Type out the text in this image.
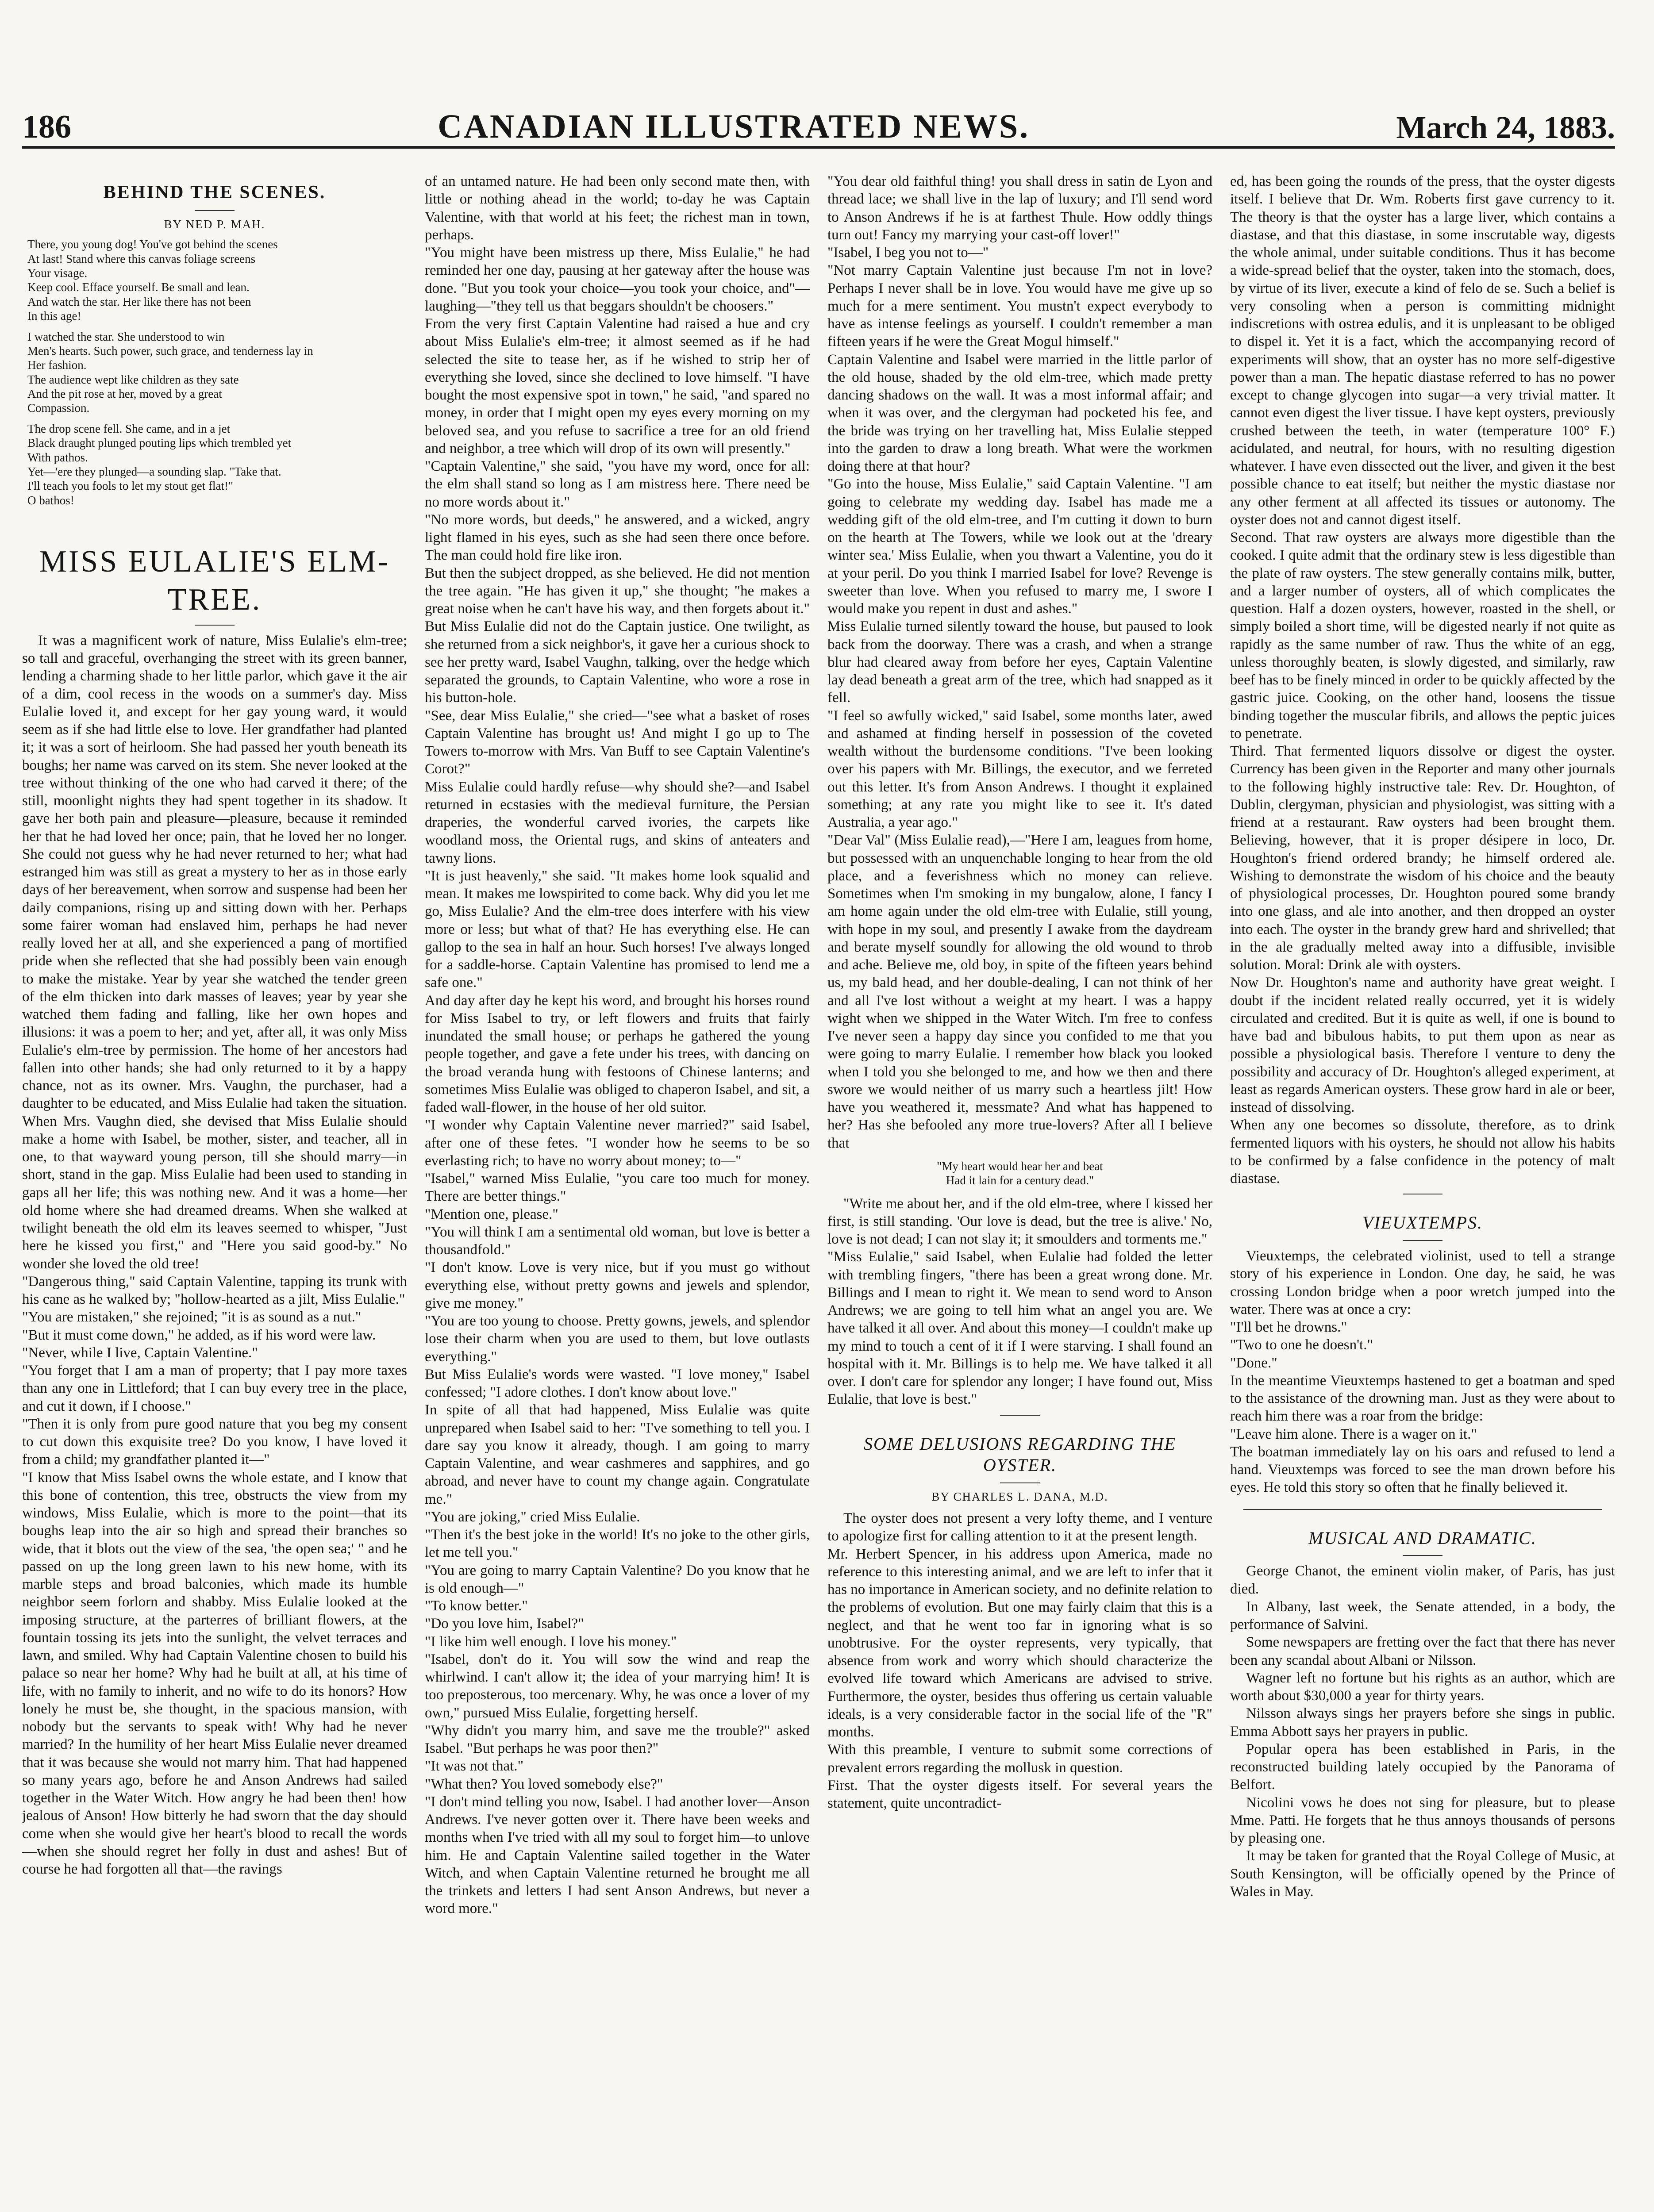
186	CANADIAN ILLUSTRATED NEWS.	March 24, 1883.
BEHIND THE SCENES.
BY NED P. MAH.
There, you young dog! You've got behind the scenes
At last! Stand where this canvas foliage screens
Your visage.
Keep cool. Efface yourself. Be small and lean.
And watch the star. Her like there has not been
In this age!
I watched the star. She understood to win
Men's hearts. Such power, such grace, and tenderness lay in
Her fashion.
The audience wept like children as they sate
And the pit rose at her, moved by a great
Compassion.
The drop scene fell. She came, and in a jet
Black draught plunged pouting lips which trembled yet
With pathos.
Yet—'ere they plunged—a sounding slap. "Take that.
I'll teach you fools to let my stout get flat!"
O bathos!
MISS EULALIE'S ELM-TREE.
It was a magnificent work of nature, Miss Eulalie's elm-tree; so tall and graceful, overhanging the street with its green banner, lending a charming shade to her little parlor, which gave it the air of a dim, cool recess in the woods on a summer's day. Miss Eulalie loved it, and except for her gay young ward, it would seem as if she had little else to love. Her grandfather had planted it; it was a sort of heirloom. She had passed her youth beneath its boughs; her name was carved on its stem. She never looked at the tree without thinking of the one who had carved it there; of the still, moonlight nights they had spent together in its shadow. It gave her both pain and pleasure—pleasure, because it reminded her that he had loved her once; pain, that he loved her no longer. She could not guess why he had never returned to her; what had estranged him was still as great a mystery to her as in those early days of her bereavement, when sorrow and suspense had been her daily companions, rising up and sitting down with her. Perhaps some fairer woman had enslaved him, perhaps he had never really loved her at all, and she experienced a pang of mortified pride when she reflected that she had possibly been vain enough to make the mistake. Year by year she watched the tender green of the elm thicken into dark masses of leaves; year by year she watched them fading and falling, like her own hopes and illusions: it was a poem to her; and yet, after all, it was only Miss Eulalie's elm-tree by permission. The home of her ancestors had fallen into other hands; she had only returned to it by a happy chance, not as its owner. Mrs. Vaughn, the purchaser, had a daughter to be educated, and Miss Eulalie had taken the situation. When Mrs. Vaughn died, she devised that Miss Eulalie should make a home with Isabel, be mother, sister, and teacher, all in one, to that wayward young person, till she should marry—in short, stand in the gap. Miss Eulalie had been used to standing in gaps all her life; this was nothing new. And it was a home—her old home where she had dreamed dreams. When she walked at twilight beneath the old elm its leaves seemed to whisper, "Just here he kissed you first," and "Here you said good-by." No wonder she loved the old tree!
"Dangerous thing," said Captain Valentine, tapping its trunk with his cane as he walked by; "hollow-hearted as a jilt, Miss Eulalie."
"You are mistaken," she rejoined; "it is as sound as a nut."
"But it must come down," he added, as if his word were law.
"Never, while I live, Captain Valentine."
"You forget that I am a man of property; that I pay more taxes than any one in Littleford; that I can buy every tree in the place, and cut it down, if I choose."
"Then it is only from pure good nature that you beg my consent to cut down this exquisite tree? Do you know, I have loved it from a child; my grandfather planted it—"
"I know that Miss Isabel owns the whole estate, and I know that this bone of contention, this tree, obstructs the view from my windows, Miss Eulalie, which is more to the point—that its boughs leap into the air so high and spread their branches so wide, that it blots out the view of the sea, 'the open sea;' " and he passed on up the long green lawn to his new home, with its marble steps and broad balconies, which made its humble neighbor seem forlorn and shabby. Miss Eulalie looked at the imposing structure, at the parterres of brilliant flowers, at the fountain tossing its jets into the sunlight, the velvet terraces and lawn, and smiled. Why had Captain Valentine chosen to build his palace so near her home? Why had he built at all, at his time of life, with no family to inherit, and no wife to do its honors? How lonely he must be, she thought, in the spacious mansion, with nobody but the servants to speak with! Why had he never married? In the humility of her heart Miss Eulalie never dreamed that it was because she would not marry him. That had happened so many years ago, before he and Anson Andrews had sailed together in the Water Witch. How angry he had been then! how jealous of Anson! How bitterly he had sworn that the day should come when she would give her heart's blood to recall the words—when she should regret her folly in dust and ashes! But of course he had forgotten all that—the ravings
of an untamed nature. He had been only second mate then, with little or nothing ahead in the world; to-day he was Captain Valentine, with that world at his feet; the richest man in town, perhaps.
"You might have been mistress up there, Miss Eulalie," he had reminded her one day, pausing at her gateway after the house was done. "But you took your choice—you took your choice, and"—laughing—"they tell us that beggars shouldn't be choosers."
From the very first Captain Valentine had raised a hue and cry about Miss Eulalie's elm-tree; it almost seemed as if he had selected the site to tease her, as if he wished to strip her of everything she loved, since she declined to love himself. "I have bought the most expensive spot in town," he said, "and spared no money, in order that I might open my eyes every morning on my beloved sea, and you refuse to sacrifice a tree for an old friend and neighbor, a tree which will drop of its own will presently."
"Captain Valentine," she said, "you have my word, once for all: the elm shall stand so long as I am mistress here. There need be no more words about it."
"No more words, but deeds," he answered, and a wicked, angry light flamed in his eyes, such as she had seen there once before. The man could hold fire like iron.
But then the subject dropped, as she believed. He did not mention the tree again. "He has given it up," she thought; "he makes a great noise when he can't have his way, and then forgets about it." But Miss Eulalie did not do the Captain justice. One twilight, as she returned from a sick neighbor's, it gave her a curious shock to see her pretty ward, Isabel Vaughn, talking, over the hedge which separated the grounds, to Captain Valentine, who wore a rose in his button-hole.
"See, dear Miss Eulalie," she cried—"see what a basket of roses Captain Valentine has brought us! And might I go up to The Towers to-morrow with Mrs. Van Buff to see Captain Valentine's Corot?"
Miss Eulalie could hardly refuse—why should she?—and Isabel returned in ecstasies with the medieval furniture, the Persian draperies, the wonderful carved ivories, the carpets like woodland moss, the Oriental rugs, and skins of anteaters and tawny lions.
"It is just heavenly," she said. "It makes home look squalid and mean. It makes me lowspirited to come back. Why did you let me go, Miss Eulalie? And the elm-tree does interfere with his view more or less; but what of that? He has everything else. He can gallop to the sea in half an hour. Such horses! I've always longed for a saddle-horse. Captain Valentine has promised to lend me a safe one."
And day after day he kept his word, and brought his horses round for Miss Isabel to try, or left flowers and fruits that fairly inundated the small house; or perhaps he gathered the young people together, and gave a fete under his trees, with dancing on the broad veranda hung with festoons of Chinese lanterns; and sometimes Miss Eulalie was obliged to chaperon Isabel, and sit, a faded wall-flower, in the house of her old suitor.
"I wonder why Captain Valentine never married?" said Isabel, after one of these fetes. "I wonder how he seems to be so everlasting rich; to have no worry about money; to—"
"Isabel," warned Miss Eulalie, "you care too much for money. There are better things."
"Mention one, please."
"You will think I am a sentimental old woman, but love is better a thousandfold."
"I don't know. Love is very nice, but if you must go without everything else, without pretty gowns and jewels and splendor, give me money."
"You are too young to choose. Pretty gowns, jewels, and splendor lose their charm when you are used to them, but love outlasts everything."
But Miss Eulalie's words were wasted. "I love money," Isabel confessed; "I adore clothes. I don't know about love."
In spite of all that had happened, Miss Eulalie was quite unprepared when Isabel said to her: "I've something to tell you. I dare say you know it already, though. I am going to marry Captain Valentine, and wear cashmeres and sapphires, and go abroad, and never have to count my change again. Congratulate me."
"You are joking," cried Miss Eulalie.
"Then it's the best joke in the world! It's no joke to the other girls, let me tell you."
"You are going to marry Captain Valentine? Do you know that he is old enough—"
"To know better."
"Do you love him, Isabel?"
"I like him well enough. I love his money."
"Isabel, don't do it. You will sow the wind and reap the whirlwind. I can't allow it; the idea of your marrying him! It is too preposterous, too mercenary. Why, he was once a lover of my own," pursued Miss Eulalie, forgetting herself.
"Why didn't you marry him, and save me the trouble?" asked Isabel. "But perhaps he was poor then?"
"It was not that."
"What then? You loved somebody else?"
"I don't mind telling you now, Isabel. I had another lover—Anson Andrews. I've never gotten over it. There have been weeks and months when I've tried with all my soul to forget him—to unlove him. He and Captain Valentine sailed together in the Water Witch, and when Captain Valentine returned he brought me all the trinkets and letters I had sent Anson Andrews, but never a word more."
"You dear old faithful thing! you shall dress in satin de Lyon and thread lace; we shall live in the lap of luxury; and I'll send word to Anson Andrews if he is at farthest Thule. How oddly things turn out! Fancy my marrying your cast-off lover!"
"Isabel, I beg you not to—"
"Not marry Captain Valentine just because I'm not in love? Perhaps I never shall be in love. You would have me give up so much for a mere sentiment. You mustn't expect everybody to have as intense feelings as yourself. I couldn't remember a man fifteen years if he were the Great Mogul himself."
Captain Valentine and Isabel were married in the little parlor of the old house, shaded by the old elm-tree, which made pretty dancing shadows on the wall. It was a most informal affair; and when it was over, and the clergyman had pocketed his fee, and the bride was trying on her travelling hat, Miss Eulalie stepped into the garden to draw a long breath. What were the workmen doing there at that hour?
"Go into the house, Miss Eulalie," said Captain Valentine. "I am going to celebrate my wedding day. Isabel has made me a wedding gift of the old elm-tree, and I'm cutting it down to burn on the hearth at The Towers, while we look out at the 'dreary winter sea.' Miss Eulalie, when you thwart a Valentine, you do it at your peril. Do you think I married Isabel for love? Revenge is sweeter than love. When you refused to marry me, I swore I would make you repent in dust and ashes."
Miss Eulalie turned silently toward the house, but paused to look back from the doorway. There was a crash, and when a strange blur had cleared away from before her eyes, Captain Valentine lay dead beneath a great arm of the tree, which had snapped as it fell.
"I feel so awfully wicked," said Isabel, some months later, awed and ashamed at finding herself in possession of the coveted wealth without the burdensome conditions. "I've been looking over his papers with Mr. Billings, the executor, and we ferreted out this letter. It's from Anson Andrews. I thought it explained something; at any rate you might like to see it. It's dated Australia, a year ago."
"Dear Val" (Miss Eulalie read),—"Here I am, leagues from home, but possessed with an unquenchable longing to hear from the old place, and a feverishness which no money can relieve. Sometimes when I'm smoking in my bungalow, alone, I fancy I am home again under the old elm-tree with Eulalie, still young, with hope in my soul, and presently I awake from the daydream and berate myself soundly for allowing the old wound to throb and ache. Believe me, old boy, in spite of the fifteen years behind us, my bald head, and her double-dealing, I can not think of her and all I've lost without a weight at my heart. I was a happy wight when we shipped in the Water Witch. I'm free to confess I've never seen a happy day since you confided to me that you were going to marry Eulalie. I remember how black you looked when I told you she belonged to me, and how we then and there swore we would neither of us marry such a heartless jilt! How have you weathered it, messmate? And what has happened to her? Has she befooled any more true-lovers? After all I believe that
"My heart would hear her and beat
Had it lain for a century dead."
"Write me about her, and if the old elm-tree, where I kissed her first, is still standing. 'Our love is dead, but the tree is alive.' No, love is not dead; I can not slay it; it smoulders and torments me."
"Miss Eulalie," said Isabel, when Eulalie had folded the letter with trembling fingers, "there has been a great wrong done. Mr. Billings and I mean to right it. We mean to send word to Anson Andrews; we are going to tell him what an angel you are. We have talked it all over. And about this money—I couldn't make up my mind to touch a cent of it if I were starving. I shall found an hospital with it. Mr. Billings is to help me. We have talked it all over. I don't care for splendor any longer; I have found out, Miss Eulalie, that love is best."
SOME DELUSIONS REGARDING THE OYSTER.
BY CHARLES L. DANA, M.D.
The oyster does not present a very lofty theme, and I venture to apologize first for calling attention to it at the present length.
Mr. Herbert Spencer, in his address upon America, made no reference to this interesting animal, and we are left to infer that it has no importance in American society, and no definite relation to the problems of evolution. But one may fairly claim that this is a neglect, and that he went too far in ignoring what is so unobtrusive. For the oyster represents, very typically, that absence from work and worry which should characterize the evolved life toward which Americans are advised to strive. Furthermore, the oyster, besides thus offering us certain valuable ideals, is a very considerable factor in the social life of the "R" months.
With this preamble, I venture to submit some corrections of prevalent errors regarding the mollusk in question.
First. That the oyster digests itself. For several years the statement, quite uncontradict-
ed, has been going the rounds of the press, that the oyster digests itself. I believe that Dr. Wm. Roberts first gave currency to it. The theory is that the oyster has a large liver, which contains a diastase, and that this diastase, in some inscrutable way, digests the whole animal, under suitable conditions. Thus it has become a wide-spread belief that the oyster, taken into the stomach, does, by virtue of its liver, execute a kind of felo de se. Such a belief is very consoling when a person is committing midnight indiscretions with ostrea edulis, and it is unpleasant to be obliged to dispel it. Yet it is a fact, which the accompanying record of experiments will show, that an oyster has no more self-digestive power than a man. The hepatic diastase referred to has no power except to change glycogen into sugar—a very trivial matter. It cannot even digest the liver tissue. I have kept oysters, previously crushed between the teeth, in water (temperature 100° F.) acidulated, and neutral, for hours, with no resulting digestion whatever. I have even dissected out the liver, and given it the best possible chance to eat itself; but neither the mystic diastase nor any other ferment at all affected its tissues or autonomy. The oyster does not and cannot digest itself.
Second. That raw oysters are always more digestible than the cooked. I quite admit that the ordinary stew is less digestible than the plate of raw oysters. The stew generally contains milk, butter, and a larger number of oysters, all of which complicates the question. Half a dozen oysters, however, roasted in the shell, or simply boiled a short time, will be digested nearly if not quite as rapidly as the same number of raw. Thus the white of an egg, unless thoroughly beaten, is slowly digested, and similarly, raw beef has to be finely minced in order to be quickly affected by the gastric juice. Cooking, on the other hand, loosens the tissue binding together the muscular fibrils, and allows the peptic juices to penetrate.
Third. That fermented liquors dissolve or digest the oyster. Currency has been given in the Reporter and many other journals to the following highly instructive tale: Rev. Dr. Houghton, of Dublin, clergyman, physician and physiologist, was sitting with a friend at a restaurant. Raw oysters had been brought them. Believing, however, that it is proper désipere in loco, Dr. Houghton's friend ordered brandy; he himself ordered ale. Wishing to demonstrate the wisdom of his choice and the beauty of physiological processes, Dr. Houghton poured some brandy into one glass, and ale into another, and then dropped an oyster into each. The oyster in the brandy grew hard and shrivelled; that in the ale gradually melted away into a diffusible, invisible solution. Moral: Drink ale with oysters.
Now Dr. Houghton's name and authority have great weight. I doubt if the incident related really occurred, yet it is widely circulated and credited. But it is quite as well, if one is bound to have bad and bibulous habits, to put them upon as near as possible a physiological basis. Therefore I venture to deny the possibility and accuracy of Dr. Houghton's alleged experiment, at least as regards American oysters. These grow hard in ale or beer, instead of dissolving.
When any one becomes so dissolute, therefore, as to drink fermented liquors with his oysters, he should not allow his habits to be confirmed by a false confidence in the potency of malt diastase.
VIEUXTEMPS.
Vieuxtemps, the celebrated violinist, used to tell a strange story of his experience in London. One day, he said, he was crossing London bridge when a poor wretch jumped into the water. There was at once a cry:
"I'll bet he drowns."
"Two to one he doesn't."
"Done."
In the meantime Vieuxtemps hastened to get a boatman and sped to the assistance of the drowning man. Just as they were about to reach him there was a roar from the bridge:
"Leave him alone. There is a wager on it."
The boatman immediately lay on his oars and refused to lend a hand. Vieuxtemps was forced to see the man drown before his eyes. He told this story so often that he finally believed it.
MUSICAL AND DRAMATIC.

George Chanot, the eminent violin maker, of Paris, has just died.

In Albany, last week, the Senate attended, in a body, the performance of Salvini.

Some newspapers are fretting over the fact that there has never been any scandal about Albani or Nilsson.

Wagner left no fortune but his rights as an author, which are worth about $30,000 a year for thirty years.

Nilsson always sings her prayers before she sings in public. Emma Abbott says her prayers in public.

Popular opera has been established in Paris, in the reconstructed building lately occupied by the Panorama of Belfort.

Nicolini vows he does not sing for pleasure, but to please Mme. Patti. He forgets that he thus annoys thousands of persons by pleasing one.

It may be taken for granted that the Royal College of Music, at South Kensington, will be officially opened by the Prince of Wales in May.
